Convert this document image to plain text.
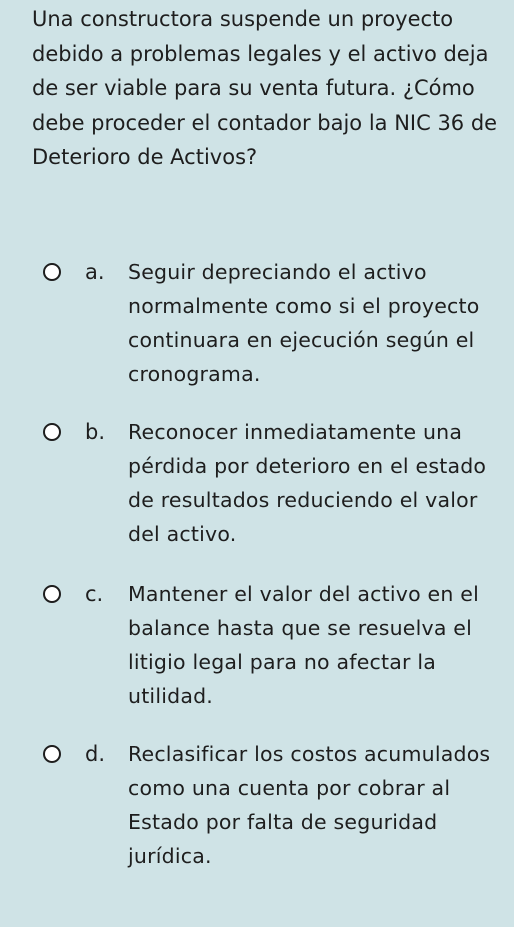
Una constructora suspende un proyecto debido a problemas legales y el activo deja de ser viable para su venta futura. ¿Cómo debe proceder el contador bajo la NIC 36 de Deterioro de Activos?

a. Seguir depreciando el activo normalmente como si el proyecto continuara en ejecución según el cronograma.
b. Reconocer inmediatamente una pérdida por deterioro en el estado de resultados reduciendo el valor del activo.
c. Mantener el valor del activo en el balance hasta que se resuelva el litigio legal para no afectar la utilidad.
d. Reclasificar los costos acumulados como una cuenta por cobrar al Estado por falta de seguridad jurídica.
